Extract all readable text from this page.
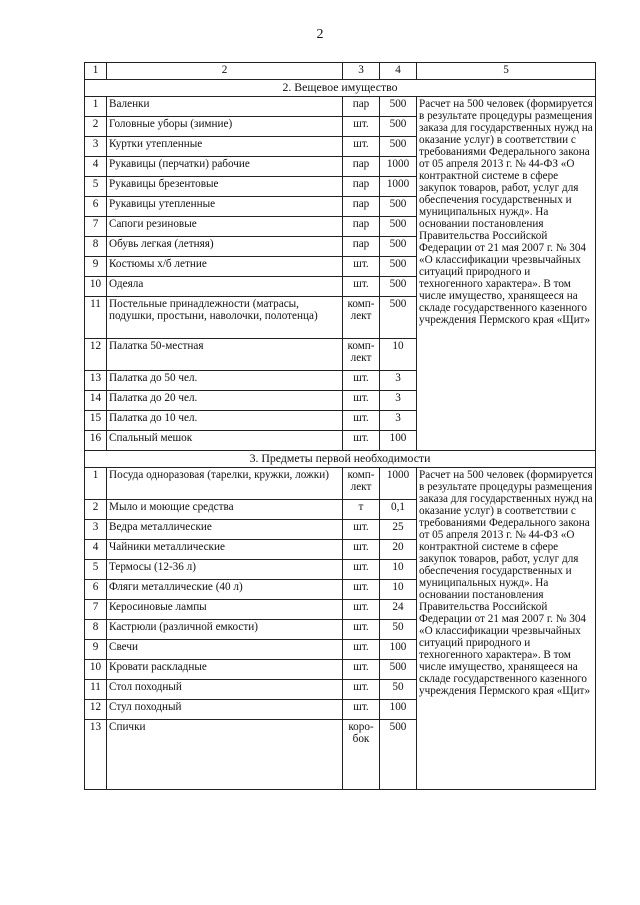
2
1	2	3	4	5
2. Вещевое имущество				
1	Валенки	пар	500	Расчет на 500 человек (формируется в результате процедуры размещения заказа для государственных нужд на оказание услуг) в соответствии с требованиями Федерального закона от 05 апреля 2013 г. № 44-ФЗ «О контрактной системе в сфере закупок товаров, работ, услуг для обеспечения государственных и муниципальных нужд». На основании постановления Правительства Российской Федерации от 21 мая 2007 г. № 304 «О классификации чрезвычайных ситуаций природного и техногенного характера». В том числе имущество, хранящееся на складе государственного казенного учреждения Пермского края «Щит»
2	Головные уборы (зимние)	шт.	500	
3	Куртки утепленные	шт.	500	
4	Рукавицы (перчатки) рабочие	пар	1000	
5	Рукавицы брезентовые	пар	1000	
6	Рукавицы утепленные	пар	500	
7	Сапоги резиновые	пар	500	
8	Обувь легкая (летняя)	пар	500	
9	Костюмы х/б летние	шт.	500	
10	Одеяла	шт.	500	
11	Постельные принадлежности (матрасы, подушки, простыни, наволочки, полотенца)	комп-лект	500	
12	Палатка 50-местная	комп-лект	10	
13	Палатка до 50 чел.	шт.	3	
14	Палатка до 20 чел.	шт.	3	
15	Палатка до 10 чел.	шт.	3	
16	Спальный мешок	шт.	100	
3. Предметы первой необходимости				
1	Посуда одноразовая (тарелки, кружки, ложки)	комп-лект	1000	Расчет на 500 человек (формируется в результате процедуры размещения заказа для государственных нужд на оказание услуг) в соответствии с требованиями Федерального закона от 05 апреля 2013 г. № 44-ФЗ «О контрактной системе в сфере закупок товаров, работ, услуг для обеспечения государственных и муниципальных нужд». На основании постановления Правительства Российской Федерации от 21 мая 2007 г. № 304 «О классификации чрезвычайных ситуаций природного и техногенного характера». В том числе имущество, хранящееся на складе государственного казенного учреждения Пермского края «Щит»
2	Мыло и моющие средства	т	0,1	
3	Ведра металлические	шт.	25	
4	Чайники металлические	шт.	20	
5	Термосы (12-36 л)	шт.	10	
6	Фляги металлические (40 л)	шт.	10	
7	Керосиновые лампы	шт.	24	
8	Кастрюли (различной емкости)	шт.	50	
9	Свечи	шт.	100	
10	Кровати раскладные	шт.	500	
11	Стол походный	шт.	50	
12	Стул походный	шт.	100	
13	Спички	коро-бок	500	
